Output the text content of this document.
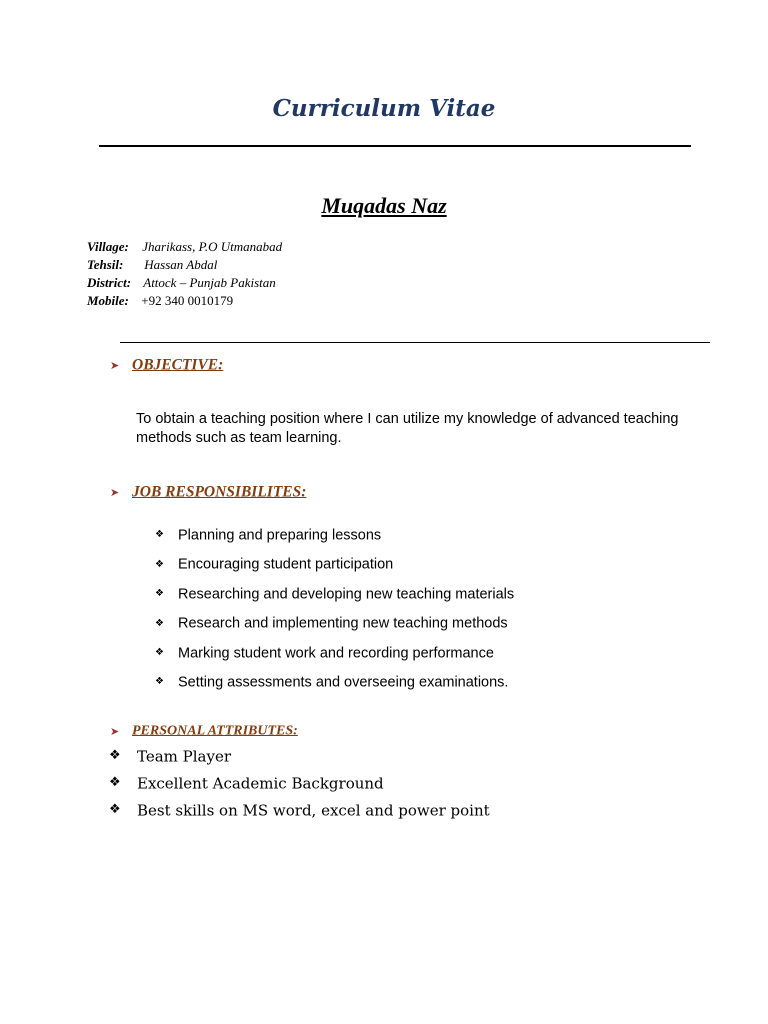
Curriculum Vitae
Muqadas Naz
Village: Jharikass, P.O Utmanabad
Tehsil: Hassan Abdal
District: Attock – Punjab Pakistan
Mobile: +92 340 0010179
➤ OBJECTIVE:

To obtain a teaching position where I can utilize my knowledge of advanced teaching methods such as team learning.

➤ JOB RESPONSIBILITES:
❖ Planning and preparing lessons
❖ Encouraging student participation
❖ Researching and developing new teaching materials
❖ Research and implementing new teaching methods
❖ Marking student work and recording performance
❖ Setting assessments and overseeing examinations.
➤ PERSONAL ATTRIBUTES:
❖ Team Player
❖ Excellent Academic Background
❖ Best skills on MS word, excel and power point
